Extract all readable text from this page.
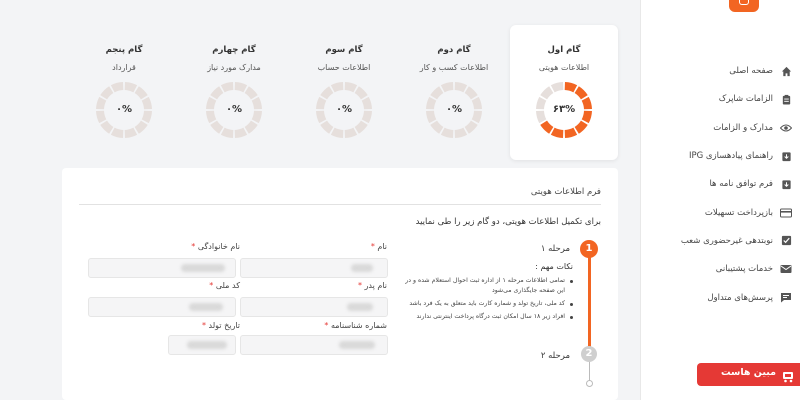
صفحه اصلی
الزامات شاپرک
مدارک و الزامات
راهنمای پیادهسازی IPG
فرم توافق نامه ها
بازپرداخت تسهیلات
نوبتدهی غیرحضوری شعب
خدمات پشتیبانی
پرسش‌های متداول
گام اول
اطلاعات هویتی
۶۳%
گام دوم
اطلاعات کسب و کار
۰%
گام سوم
اطلاعات حساب
۰%
گام چهارم
مدارک مورد نیاز
۰%
گام پنجم
قرارداد
۰%
فرم اطلاعات هویتی
برای تکمیل اطلاعات هویتی، دو گام زیر را طی نمایید
1
2
مرحله ۱
مرحله ۲
نکات مهم :
تمامی اطلاعات مرحله ۱ از اداره ثبت احوال استعلام شده و در این صفحه جایگذاری می‌شود
کد ملی، تاریخ تولد و شماره کارت باید متعلق به یک فرد باشد
افراد زیر ۱۸ سال امکان ثبت درگاه پرداخت اینترنتی ندارند
نام *
نام خانوادگی *
نام پدر *
کد ملی *
شماره شناسنامه *
تاریخ تولد *
مبین هاست
